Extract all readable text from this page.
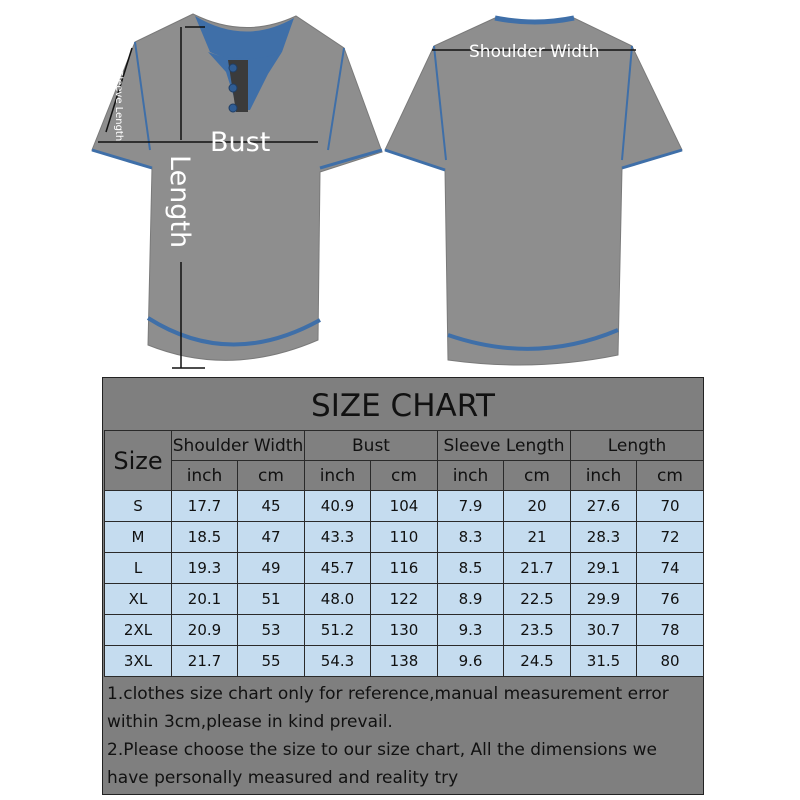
Sleeve Length
Bust
Length
Shoulder Width
SIZE CHART
Size	Shoulder Width		Bust		Sleeve Length		Length	
	inch	cm	inch	cm	inch	cm	inch	cm
S	17.7	45	40.9	104	7.9	20	27.6	70
M	18.5	47	43.3	110	8.3	21	28.3	72
L	19.3	49	45.7	116	8.5	21.7	29.1	74
XL	20.1	51	48.0	122	8.9	22.5	29.9	76
2XL	20.9	53	51.2	130	9.3	23.5	30.7	78
3XL	21.7	55	54.3	138	9.6	24.5	31.5	80
1.clothes size chart only for reference,manual measurement error within 3cm,please in kind prevail.
2.Please choose the size to our size chart, All the dimensions we have personally measured and reality try
